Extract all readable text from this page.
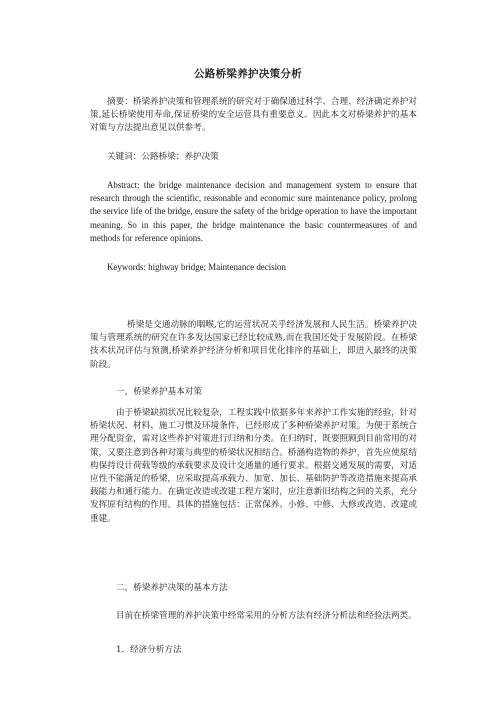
公路桥梁养护决策分析

摘要：桥梁养护决策和管理系统的研究对于确保通过科学、合理、经济确定养护对策,延长桥梁使用寿命,保证桥梁的安全运营具有重要意义。因此本文对桥梁养护的基本对策与方法提出意见以供参考。

关键词：公路桥梁；养护决策

Abstract: the bridge maintenance decision and management system to ensure that research through the scientific, reasonable and economic sure maintenance policy, prolong the service life of the bridge, ensure the safety of the bridge operation to have the important meaning. So in this paper, the bridge maintenance the basic countermeasures of and methods for reference opinions.

Keywords: highway bridge; Maintenance decision

桥梁是交通动脉的咽喉,它的运营状况关乎经济发展和人民生活。桥梁养护决策与管理系统的研究在许多发达国家已经比较成熟,而在我国还处于发展阶段。在桥梁技术状况评估与预测,桥梁养护经济分析和项目优化排序的基础上，即进入最终的决策阶段。

一，桥梁养护基本对策

由于桥梁缺损状况比较复杂，工程实践中依据多年来养护工作实施的经验，针对桥梁状况、材料、施工习惯及环境条件，已经形成了多种桥梁养护对策。为便于系统合理分配资金，需对这些养护对策进行归纳和分类。在归纳时，既要照顾到目前常用的对策，又要注意到各种对策与典型的桥梁状况相结合。桥涵构造物的养护，首先应使原结构保持设计荷载等级的承载要求及设计交通量的通行要求。根据交通发展的需要，对适应性不能满足的桥梁，应采取提高承载力、加宽、加长、基础防护等改造措施来提高承载能力和通行能力。在确定改造或改建工程方案时，应注意新旧结构之间的关系，充分发挥原有结构的作用。具体的措施包括：正常保养、小修、中修、大修或改造、改建或重建。

二，桥梁养护决策的基本方法

目前在桥梁管理的养护决策中经常采用的分析方法有经济分析法和经验法两类。

1．经济分析方法
